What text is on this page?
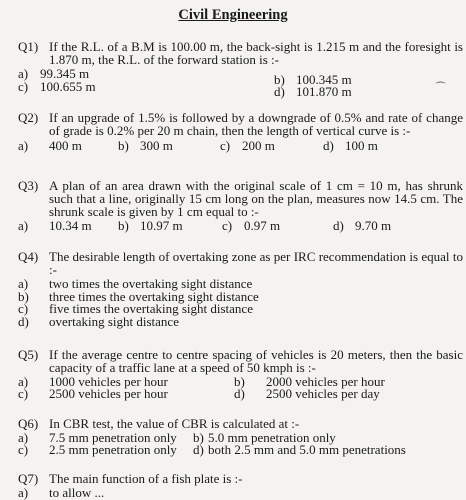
Civil Engineering
Q1) If the R.L. of a B.M is 100.00 m, the back-sight is 1.215 m and the foresight is 1.870 m, the R.L. of the forward station is :-
a) 99.345 m
c) 100.655 m	b) 100.345 m
d) 101.870 m
Q2) If an upgrade of 1.5% is followed by a downgrade of 0.5% and rate of change of grade is 0.2% per 20 m chain, then the length of vertical curve is :-
a) 400 m	b) 300 m	c) 200 m	d) 100 m
Q3) A plan of an area drawn with the original scale of 1 cm = 10 m, has shrunk such that a line, originally 15 cm long on the plan, measures now 14.5 cm. The shrunk scale is given by 1 cm equal to :-
a) 10.34 m b) 10.97 m	c) 0.97 m	d) 9.70 m
Q4) The desirable length of overtaking zone as per IRC recommendation is equal to :-
a) two times the overtaking sight distance
b) three times the overtaking sight distance
c) five times the overtaking sight distance
d) overtaking sight distance
Q5) If the average centre to centre spacing of vehicles is 20 meters, then the basic capacity of a traffic lane at a speed of 50 kmph is :-
a) 1000 vehicles per hour
c) 2500 vehicles per hour
b) 2000 vehicles per hour
d) 2500 vehicles per day
Q6) In CBR test, the value of CBR is calculated at :-
a) 7.5 mm penetration only
c) 2.5 mm penetration only
b) 5.0 mm penetration only
d) both 2.5 mm and 5.0 mm penetrations
Q7) The main function of a fish plate is :-
a) to allow ...
⁀
